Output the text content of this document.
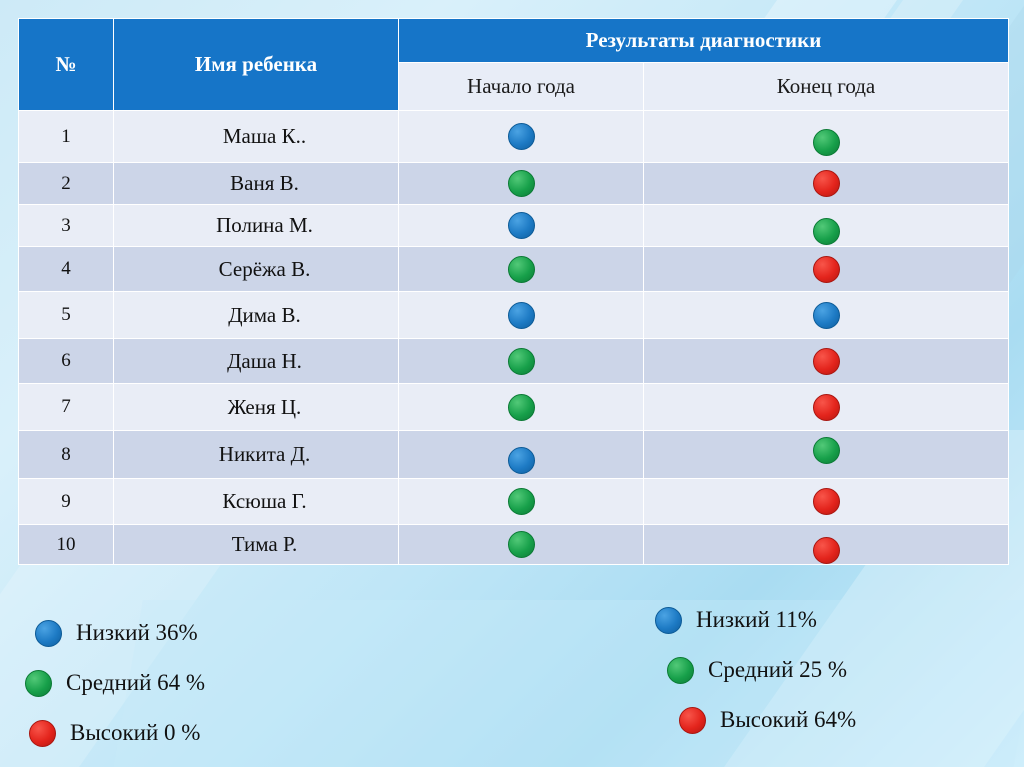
№	Имя ребенка	Результаты диагностики	
		Начало года	Конец года
1	Маша К..		
2	Ваня В.		
3	Полина М.		
4	Серёжа В.		
5	Дима В.		
6	Даша Н.		
7	Женя Ц.		
8	Никита Д.		
9	Ксюша Г.		
10	Тима Р.		
Низкий 36%
Средний 64 %
Высокий 0 %
Низкий 11%
Средний 25 %
Высокий 64%
